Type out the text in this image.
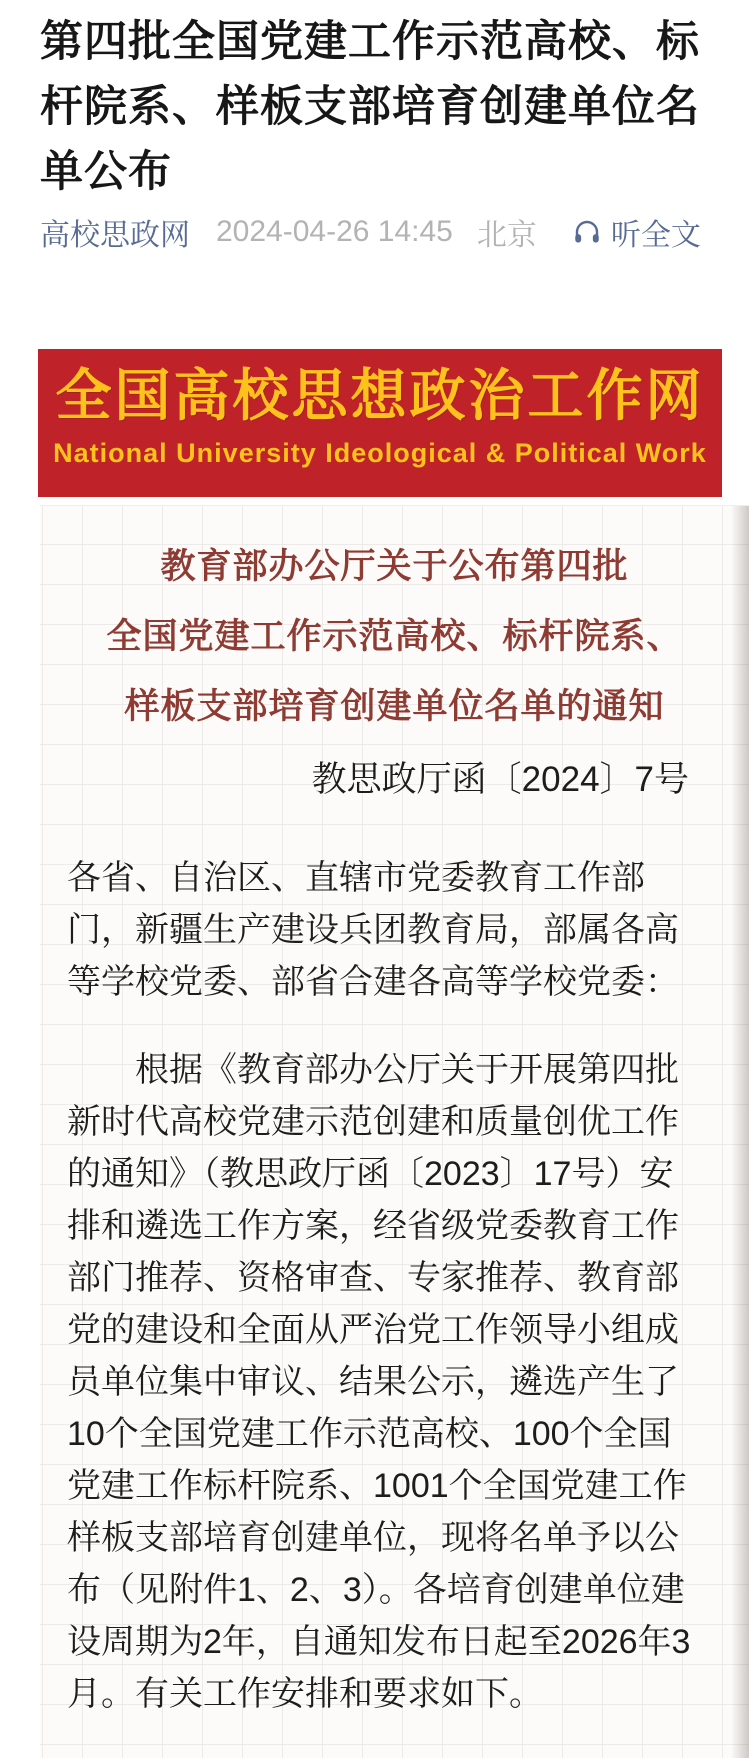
第四批全国党建工作示范高校、标杆院系、样板支部培育创建单位名单公布
高校思政网 2024-04-26 14:45 北京 听全文
全国高校思想政治工作网
National University Ideological & Political Work
教育部办公厅关于公布第四批
全国党建工作示范高校、标杆院系、
样板支部培育创建单位名单的通知
教思政厅函〔2024〕7号

各省、自治区、直辖市党委教育工作部门，新疆生产建设兵团教育局，部属各高等学校党委、部省合建各高等学校党委：

根据《教育部办公厅关于开展第四批新时代高校党建示范创建和质量创优工作的通知》（教思政厅函〔2023〕17号）安排和遴选工作方案，经省级党委教育工作部门推荐、资格审查、专家推荐、教育部党的建设和全面从严治党工作领导小组成员单位集中审议、结果公示，遴选产生了10个全国党建工作示范高校、100个全国党建工作标杆院系、1001个全国党建工作样板支部培育创建单位，现将名单予以公布（见附件1、2、3）。各培育创建单位建设周期为2年，自通知发布日起至2026年3月。有关工作安排和要求如下。
